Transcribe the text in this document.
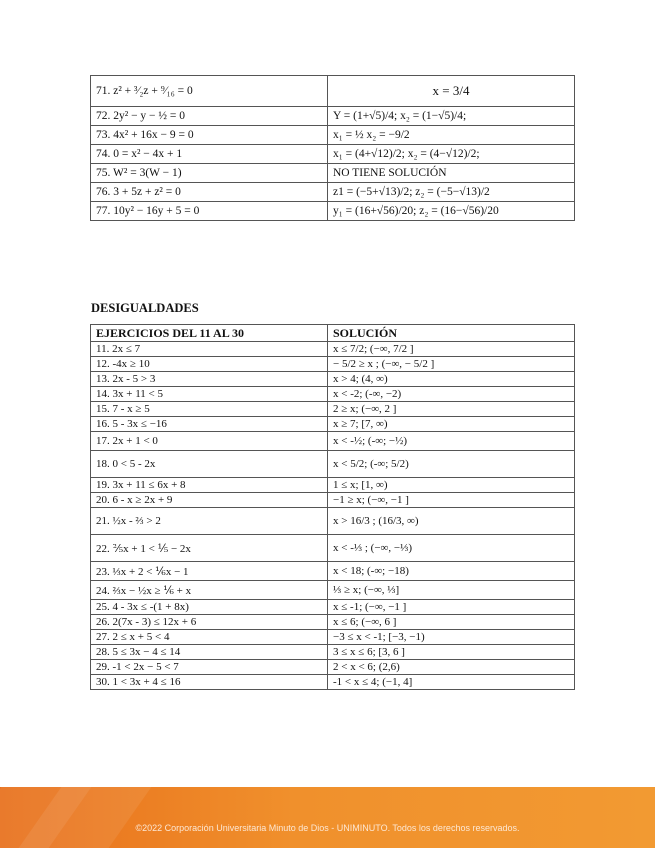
71. z² + ³⁄₂z + ⁹⁄₁₆ = 0	x = 3/4
72. 2y² − y − ½ = 0	Y = (1+√5)/4; x₂ = (1−√5)/4;
73. 4x² + 16x − 9 = 0	x₁ = ½ x₂ = −9/2
74. 0 = x² − 4x + 1	x₁ = (4+√12)/2; x₂ = (4−√12)/2;
75. W² = 3(W − 1)	NO TIENE SOLUCIÓN
76. 3 + 5z + z² = 0	z1 = (−5+√13)/2; z₂ = (−5−√13)/2
77. 10y² − 16y + 5 = 0	y₁ = (16+√56)/20; z₂ = (16−√56)/20
DESIGUALDADES
EJERCICIOS DEL 11 AL 30	SOLUCIÓN
11. 2x ≤ 7	x ≤ 7/2; (−∞, 7/2 ]
12. -4x ≥ 10	− 5/2 ≥ x ; (−∞, − 5/2 ]
13. 2x - 5 > 3	x > 4; (4, ∞)
14. 3x + 11 < 5	x < -2; (-∞, −2)
15. 7 - x ≥ 5	2 ≥ x; (−∞, 2 ]
16. 5 - 3x ≤ −16	x ≥ 7; [7, ∞)
17. 2x + 1 < 0	x < -½; (-∞; −½)
18. 0 < 5 - 2x	x < 5/2; (-∞; 5/2)
19. 3x + 11 ≤ 6x + 8	1 ≤ x; [1, ∞)
20. 6 - x ≥ 2x + 9	−1 ≥ x; (−∞, −1 ]
21. ½x - ⅔ > 2	x > 16/3 ; (16/3, ∞)
22. ⅖x + 1 < ⅕ − 2x	x < -⅓ ; (−∞, −⅓)
23. ⅓x + 2 < ⅙x − 1	x < 18; (-∞; −18)
24. ⅔x − ½x ≥ ⅙ + x	⅓ ≥ x; (−∞, ⅓]
25. 4 - 3x ≤ -(1 + 8x)	x ≤ -1; (−∞, −1 ]
26. 2(7x - 3) ≤ 12x + 6	x ≤ 6; (−∞, 6 ]
27. 2 ≤ x + 5 < 4	−3 ≤ x < -1; [−3, −1)
28. 5 ≤ 3x − 4 ≤ 14	3 ≤ x ≤ 6; [3, 6 ]
29. -1 < 2x − 5 < 7	2 < x < 6; (2,6)
30. 1 < 3x + 4 ≤ 16	-1 < x ≤ 4; (−1, 4]
©2022 Corporación Universitaria Minuto de Dios - UNIMINUTO. Todos los derechos reservados.
